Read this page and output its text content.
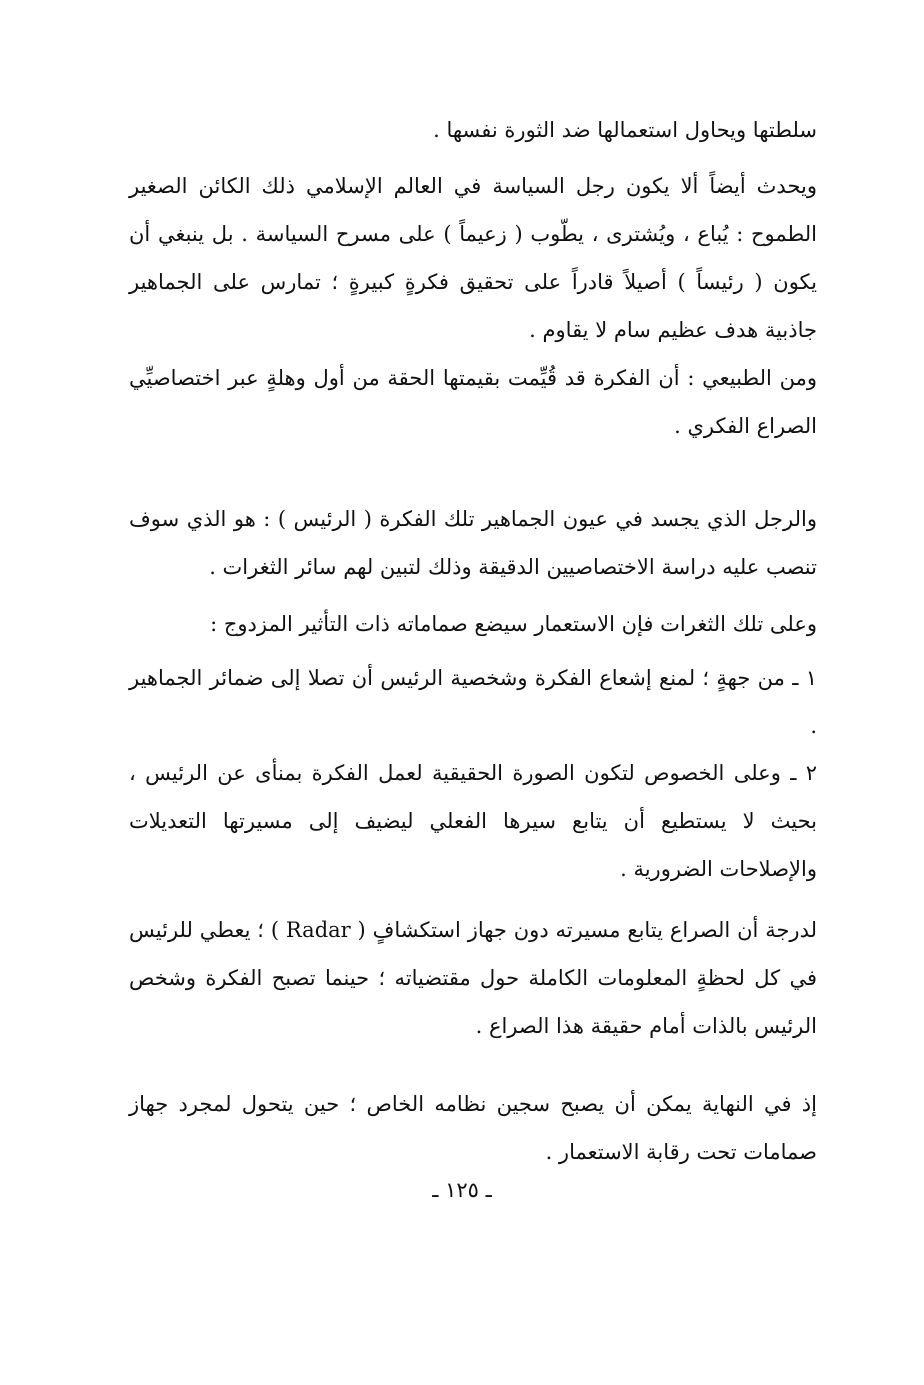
سلطتها ويحاول استعمالها ضد الثورة نفسها .

ويحدث أيضاً ألا يكون رجل السياسة في العالم الإسلامي ذلك الكائن الصغير الطموح : يُباع ، ويُشترى ، يطّوب ( زعيماً ) على مسرح السياسة . بل ينبغي أن يكون ( رئيساً ) أصيلاً قادراً على تحقيق فكرةٍ كبيرةٍ ؛ تمارس على الجماهير جاذبية هدف عظيم سام لا يقاوم .

ومن الطبيعي : أن الفكرة قد قُيِّمت بقيمتها الحقة من أول وهلةٍ عبر اختصاصيِّي الصراع الفكري .

والرجل الذي يجسد في عيون الجماهير تلك الفكرة ( الرئيس ) : هو الذي سوف تنصب عليه دراسة الاختصاصيين الدقيقة وذلك لتبين لهم سائر الثغرات .

وعلى تلك الثغرات فإن الاستعمار سيضع صماماته ذات التأثير المزدوج :

١ ـ من جهةٍ ؛ لمنع إشعاع الفكرة وشخصية الرئيس أن تصلا إلى ضمائر الجماهير .

٢ ـ وعلى الخصوص لتكون الصورة الحقيقية لعمل الفكرة بمنأى عن الرئيس ، بحيث لا يستطيع أن يتابع سيرها الفعلي ليضيف إلى مسيرتها التعديلات والإصلاحات الضرورية .

لدرجة أن الصراع يتابع مسيرته دون جهاز استكشافٍ ( Radar ) ؛ يعطي للرئيس في كل لحظةٍ المعلومات الكاملة حول مقتضياته ؛ حينما تصبح الفكرة وشخص الرئيس بالذات أمام حقيقة هذا الصراع .

إذ في النهاية يمكن أن يصبح سجين نظامه الخاص ؛ حين يتحول لمجرد جهاز صمامات تحت رقابة الاستعمار .

ـ ١٢٥ ـ
